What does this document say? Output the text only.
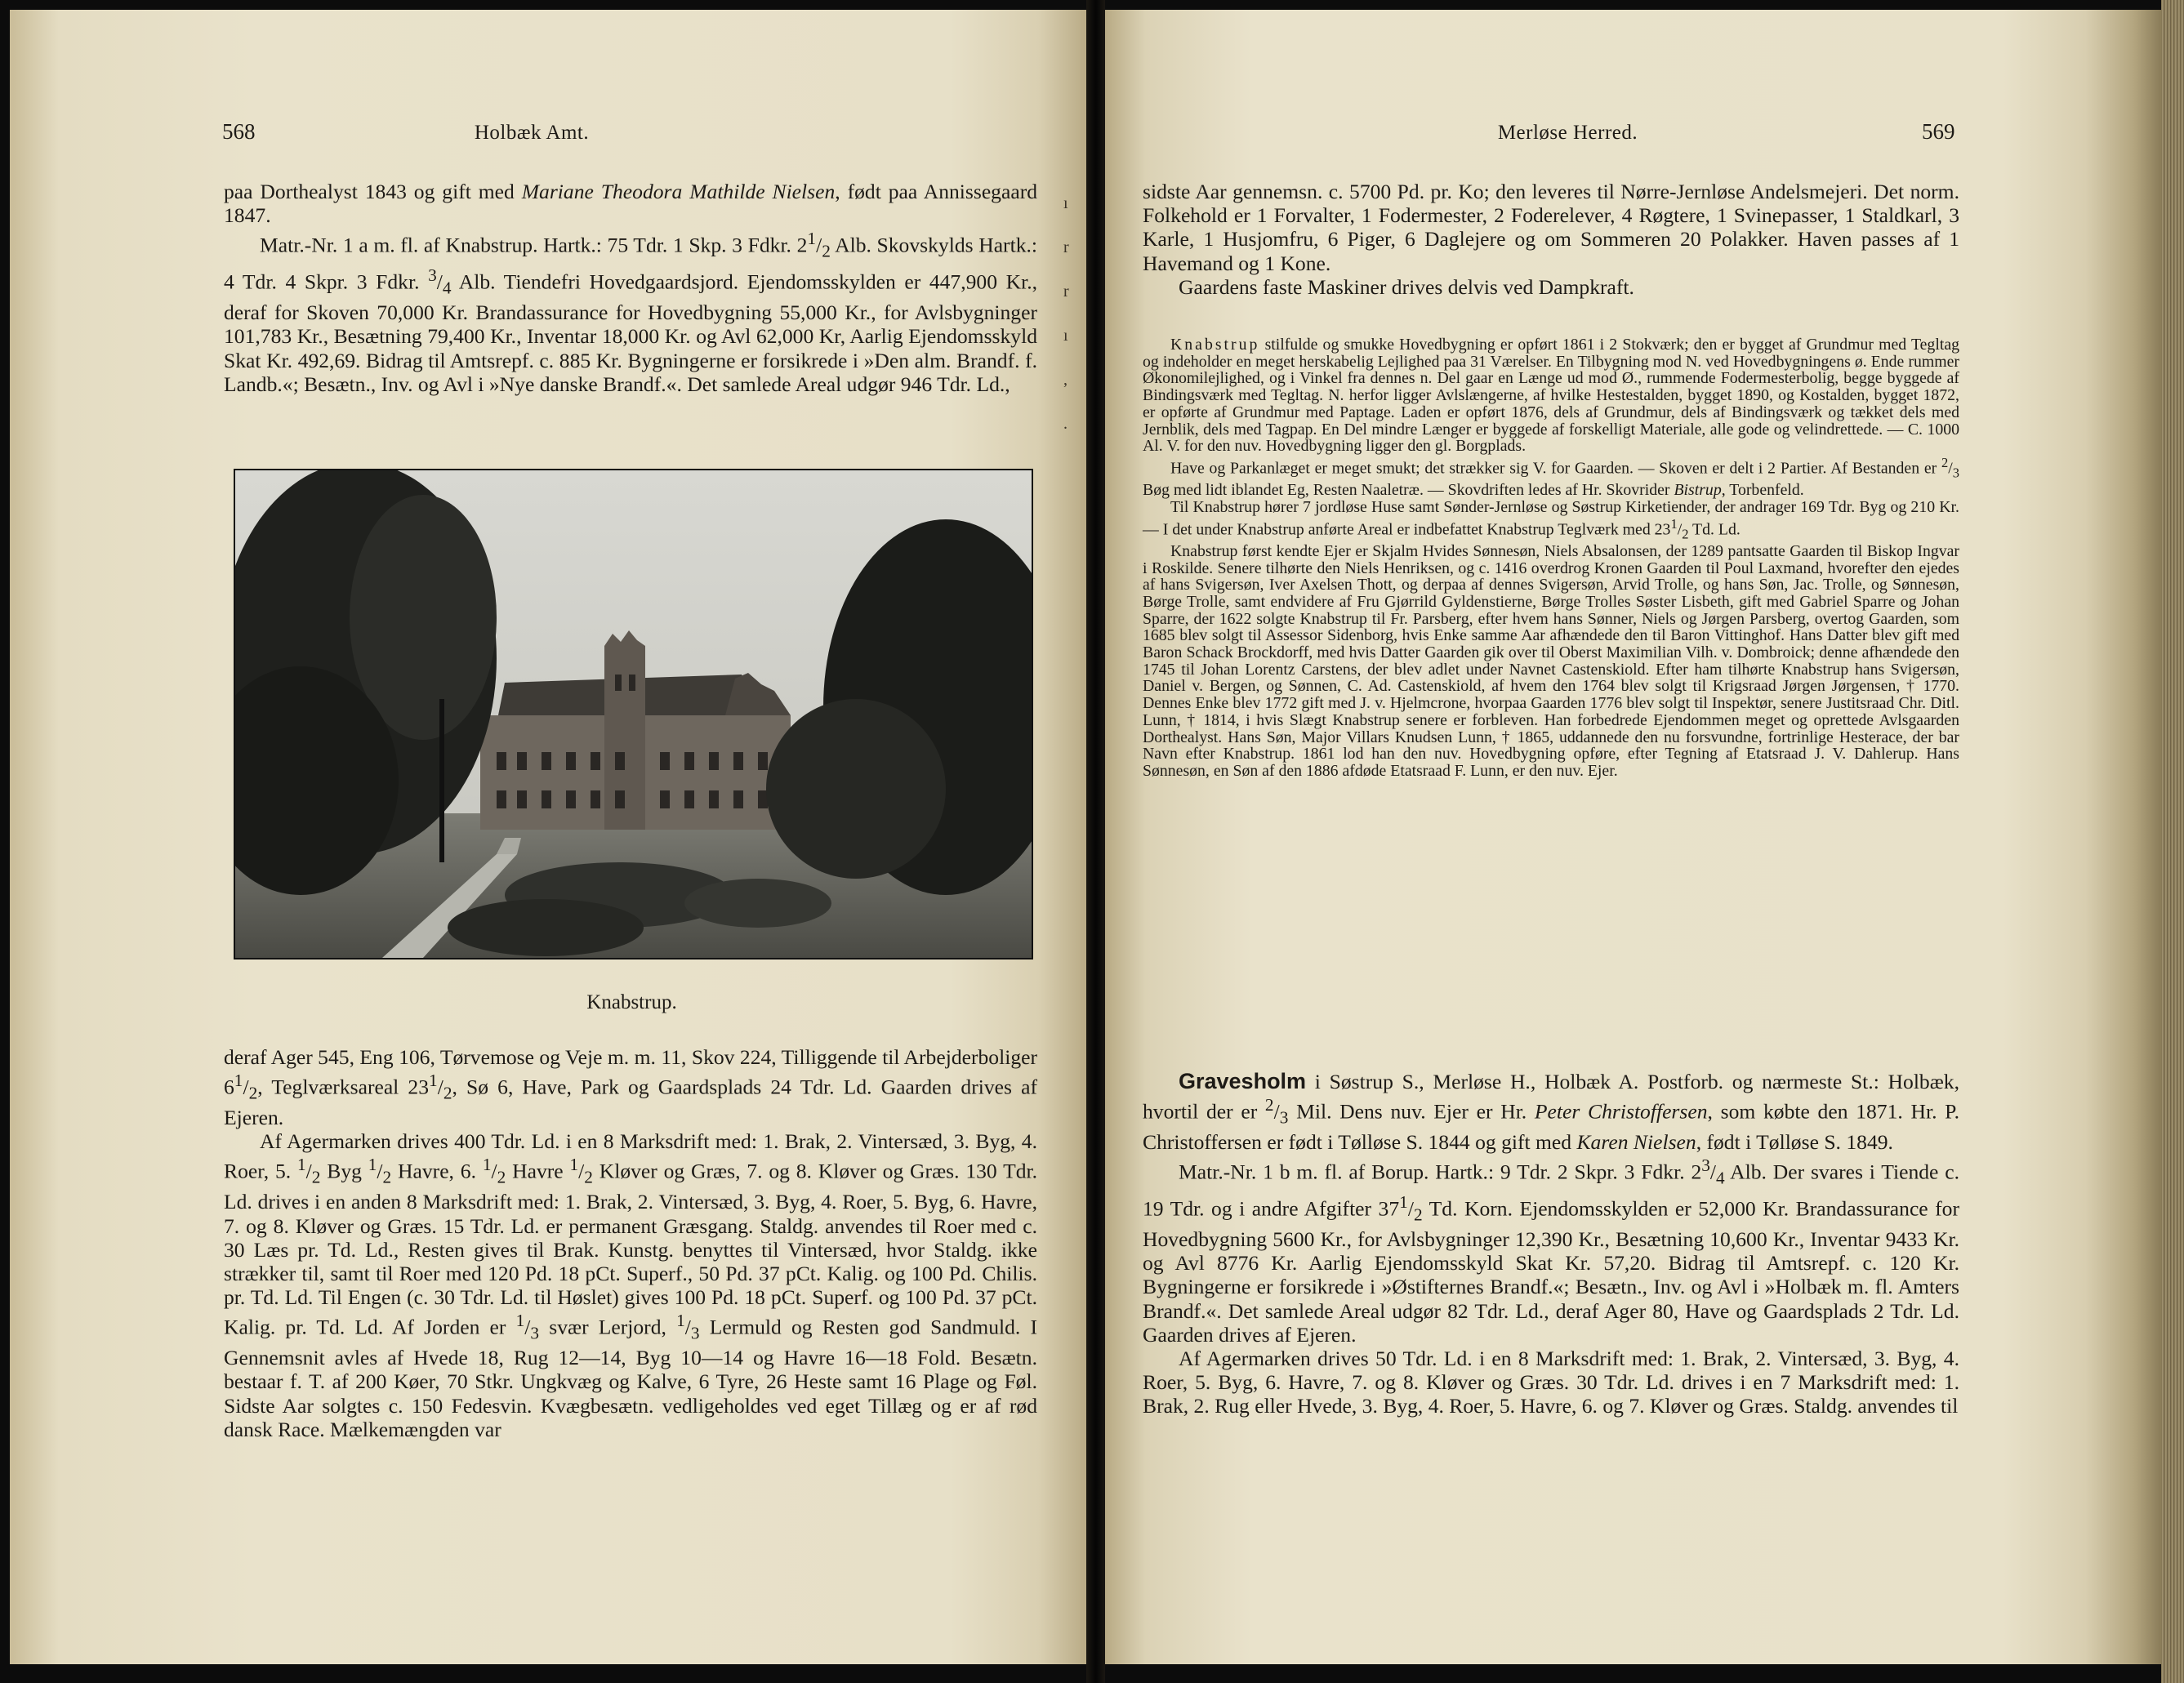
568	Holbæk Amt.

paa Dorthealyst 1843 og gift med Mariane Theodora Mathilde Nielsen, født paa Annissegaard 1847.

Matr.-Nr. 1 a m. fl. af Knabstrup. Hartk.: 75 Tdr. 1 Skp. 3 Fdkr. $2^1/_2$ Alb. Skovskylds Hartk.: 4 Tdr. 4 Skpr. 3 Fdkr. $^3/_4$ Alb. Tiendefri Hovedgaardsjord. Ejendomsskylden er 447,900 Kr., deraf for Skoven 70,000 Kr. Brandassurance for Hovedbygning 55,000 Kr., for Avlsbygninger 101,783 Kr., Besætning 79,400 Kr., Inventar 18,000 Kr. og Avl 62,000 Kr, Aarlig Ejendomsskyld Skat Kr. 492,69. Bidrag til Amtsrepf. c. 885 Kr. Bygningerne er forsikrede i »Den alm. Brandf. f. Landb.«; Besætn., Inv. og Avl i »Nye danske Brandf.«. Det samlede Areal udgør 946 Tdr. Ld.,

Knabstrup.

deraf Ager 545, Eng 106, Tørvemose og Veje m. m. 11, Skov 224, Tilliggende til Arbejderboliger $6^1/_2$, Teglværksareal $23^1/_2$, Sø 6, Have, Park og Gaardsplads 24 Tdr. Ld. Gaarden drives af Ejeren.

Af Agermarken drives 400 Tdr. Ld. i en 8 Marksdrift med: 1. Brak, 2. Vintersæd, 3. Byg, 4. Roer, 5. $^1/_2$ Byg $^1/_2$ Havre, 6. $^1/_2$ Havre $^1/_2$ Kløver og Græs, 7. og 8. Kløver og Græs. 130 Tdr. Ld. drives i en anden 8 Marksdrift med: 1. Brak, 2. Vintersæd, 3. Byg, 4. Roer, 5. Byg, 6. Havre, 7. og 8. Kløver og Græs. 15 Tdr. Ld. er permanent Græsgang. Staldg. anvendes til Roer med c. 30 Læs pr. Td. Ld., Resten gives til Brak. Kunstg. benyttes til Vintersæd, hvor Staldg. ikke strækker til, samt til Roer med 120 Pd. 18 pCt. Superf., 50 Pd. 37 pCt. Kalig. og 100 Pd. Chilis. pr. Td. Ld. Til Engen (c. 30 Tdr. Ld. til Høslet) gives 100 Pd. 18 pCt. Superf. og 100 Pd. 37 pCt. Kalig. pr. Td. Ld. Af Jorden er $^1/_3$ svær Lerjord, $^1/_3$ Lermuld og Resten god Sandmuld. I Gennemsnit avles af Hvede 18, Rug 12—14, Byg 10—14 og Havre 16—18 Fold. Besætn. bestaar f. T. af 200 Køer, 70 Stkr. Ungkvæg og Kalve, 6 Tyre, 26 Heste samt 16 Plage og Føl. Sidste Aar solgtes c. 150 Fedesvin. Kvægbesætn. vedligeholdes ved eget Tillæg og er af rød dansk Race. Mælkemængden var

ı
r
r
ı
,
.
Merløse Herred.	569

sidste Aar gennemsn. c. 5700 Pd. pr. Ko; den leveres til Nørre-Jernløse Andelsmejeri. Det norm. Folkehold er 1 Forvalter, 1 Fodermester, 2 Foderelever, 4 Røgtere, 1 Svinepasser, 1 Staldkarl, 3 Karle, 1 Husjomfru, 6 Piger, 6 Daglejere og om Sommeren 20 Polakker. Haven passes af 1 Havemand og 1 Kone.

Gaardens faste Maskiner drives delvis ved Dampkraft.

Knabstrup stilfulde og smukke Hovedbygning er opført 1861 i 2 Stokværk; den er bygget af Grundmur med Tegltag og indeholder en meget herskabelig Lejlighed paa 31 Værelser. En Tilbygning mod N. ved Hovedbygningens ø. Ende rummer Økonomilejlighed, og i Vinkel fra dennes n. Del gaar en Længe ud mod Ø., rummende Fodermesterbolig, begge byggede af Bindingsværk med Tegltag. N. herfor ligger Avlslængerne, af hvilke Hestestalden, bygget 1890, og Kostalden, bygget 1872, er opførte af Grundmur med Paptage. Laden er opført 1876, dels af Grundmur, dels af Bindingsværk og tækket dels med Jernblik, dels med Tagpap. En Del mindre Længer er byggede af forskelligt Materiale, alle gode og velindrettede. — C. 1000 Al. V. for den nuv. Hovedbygning ligger den gl. Borgplads.

Have og Parkanlæget er meget smukt; det strækker sig V. for Gaarden. — Skoven er delt i 2 Partier. Af Bestanden er $^2/_3$ Bøg med lidt iblandet Eg, Resten Naaletræ. — Skovdriften ledes af Hr. Skovrider Bistrup, Torbenfeld.

Til Knabstrup hører 7 jordløse Huse samt Sønder-Jernløse og Søstrup Kirketiender, der andrager 169 Tdr. Byg og 210 Kr. — I det under Knabstrup anførte Areal er indbefattet Knabstrup Teglværk med $23^1/_2$ Td. Ld.

Knabstrup først kendte Ejer er Skjalm Hvides Sønnesøn, Niels Absalonsen, der 1289 pantsatte Gaarden til Biskop Ingvar i Roskilde. Senere tilhørte den Niels Henriksen, og c. 1416 overdrog Kronen Gaarden til Poul Laxmand, hvorefter den ejedes af hans Svigersøn, Iver Axelsen Thott, og derpaa af dennes Svigersøn, Arvid Trolle, og hans Søn, Jac. Trolle, og Sønnesøn, Børge Trolle, samt endvidere af Fru Gjørrild Gyldenstierne, Børge Trolles Søster Lisbeth, gift med Gabriel Sparre og Johan Sparre, der 1622 solgte Knabstrup til Fr. Parsberg, efter hvem hans Sønner, Niels og Jørgen Parsberg, overtog Gaarden, som 1685 blev solgt til Assessor Sidenborg, hvis Enke samme Aar afhændede den til Baron Vittinghof. Hans Datter blev gift med Baron Schack Brockdorff, med hvis Datter Gaarden gik over til Oberst Maximilian Vilh. v. Dombroick; denne afhændede den 1745 til Johan Lorentz Carstens, der blev adlet under Navnet Castenskiold. Efter ham tilhørte Knabstrup hans Svigersøn, Daniel v. Bergen, og Sønnen, C. Ad. Castenskiold, af hvem den 1764 blev solgt til Krigsraad Jørgen Jørgensen, † 1770. Dennes Enke blev 1772 gift med J. v. Hjelmcrone, hvorpaa Gaarden 1776 blev solgt til Inspektør, senere Justitsraad Chr. Ditl. Lunn, † 1814, i hvis Slægt Knabstrup senere er forbleven. Han forbedrede Ejendommen meget og oprettede Avlsgaarden Dorthealyst. Hans Søn, Major Villars Knudsen Lunn, † 1865, uddannede den nu forsvundne, fortrinlige Hesterace, der bar Navn efter Knabstrup. 1861 lod han den nuv. Hovedbygning opføre, efter Tegning af Etatsraad J. V. Dahlerup. Hans Sønnesøn, en Søn af den 1886 afdøde Etatsraad F. Lunn, er den nuv. Ejer.

Gravesholm i Søstrup S., Merløse H., Holbæk A. Postforb. og nærmeste St.: Holbæk, hvortil der er $^2/_3$ Mil. Dens nuv. Ejer er Hr. Peter Christoffersen, som købte den 1871. Hr. P. Christoffersen er født i Tølløse S. 1844 og gift med Karen Nielsen, født i Tølløse S. 1849.

Matr.-Nr. 1 b m. fl. af Borup. Hartk.: 9 Tdr. 2 Skpr. 3 Fdkr. $2^3/_4$ Alb. Der svares i Tiende c. 19 Tdr. og i andre Afgifter $37^1/_2$ Td. Korn. Ejendomsskylden er 52,000 Kr. Brandassurance for Hovedbygning 5600 Kr., for Avlsbygninger 12,390 Kr., Besætning 10,600 Kr., Inventar 9433 Kr. og Avl 8776 Kr. Aarlig Ejendomsskyld Skat Kr. 57,20. Bidrag til Amtsrepf. c. 120 Kr. Bygningerne er forsikrede i »Østifternes Brandf.«; Besætn., Inv. og Avl i »Holbæk m. fl. Amters Brandf.«. Det samlede Areal udgør 82 Tdr. Ld., deraf Ager 80, Have og Gaardsplads 2 Tdr. Ld. Gaarden drives af Ejeren.

Af Agermarken drives 50 Tdr. Ld. i en 8 Marksdrift med: 1. Brak, 2. Vintersæd, 3. Byg, 4. Roer, 5. Byg, 6. Havre, 7. og 8. Kløver og Græs. 30 Tdr. Ld. drives i en 7 Marksdrift med: 1. Brak, 2. Rug eller Hvede, 3. Byg, 4. Roer, 5. Havre, 6. og 7. Kløver og Græs. Staldg. anvendes til
